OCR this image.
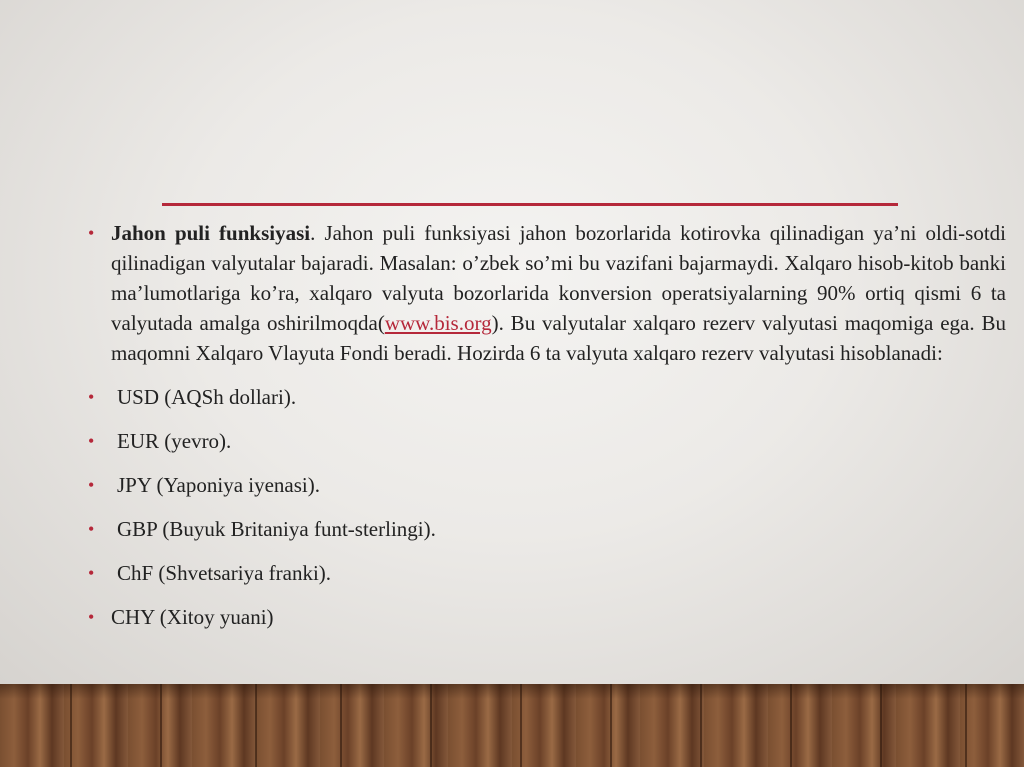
• Jahon puli funksiyasi. Jahon puli funksiyasi jahon bozorlarida kotirovka qilinadigan ya’ni oldi-sotdi qilinadigan valyutalar bajaradi. Masalan: o’zbek so’mi bu vazifani bajarmaydi. Xalqaro hisob-kitob banki ma’lumotlariga ko’ra, xalqaro valyuta bozorlarida konversion operatsiyalarning 90% ortiq qismi 6 ta valyutada amalga oshirilmoqda(www.bis.org). Bu valyutalar xalqaro rezerv valyutasi maqomiga ega. Bu maqomni Xalqaro Vlayuta Fondi beradi. Hozirda 6 ta valyuta xalqaro rezerv valyutasi hisoblanadi:
• USD (AQSh dollari).
• EUR (yevro).
• JPY (Yaponiya iyenasi).
• GBP (Buyuk Britaniya funt-sterlingi).
• ChF (Shvetsariya franki).
• CHY (Xitoy yuani)
